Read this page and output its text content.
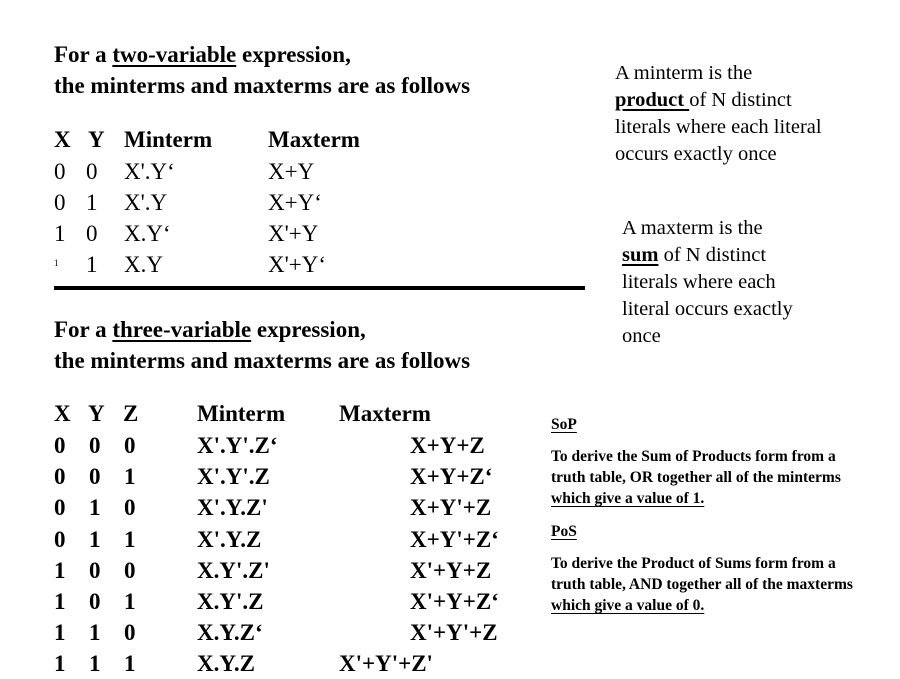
For a two-variable expression,
the minterms and maxterms are as follows
X Y Minterm Maxterm
0 0 X'.Y‘	X+Y
0 1 X'.Y	X+Y‘
1 0 X.Y‘	X'+Y
1 1 X.Y	X'+Y‘
A minterm is the
product of N distinct literals where each literal occurs exactly once
A maxterm is the
sum of N distinct literals where each literal occurs exactly once
For a three-variable expression,
the minterms and maxterms are as follows
X Y Z	Minterm Maxterm
0 0 0	X'.Y'.Z‘	X+Y+Z
0 0 1	X'.Y'.Z	X+Y+Z‘
0 1 0	X'.Y.Z'	X+Y'+Z
0 1 1	X'.Y.Z	X+Y'+Z‘
1 0 0	X.Y'.Z'	X'+Y+Z
1 0 1	X.Y'.Z	X'+Y+Z‘
1 1 0	X.Y.Z‘	X'+Y'+Z
1 1 1	X.Y.Z	X'+Y'+Z'
SoP
To derive the Sum of Products form from a truth table, OR together all of the minterms which give a value of 1.
PoS
To derive the Product of Sums form from a truth table, AND together all of the maxterms which give a value of 0.
